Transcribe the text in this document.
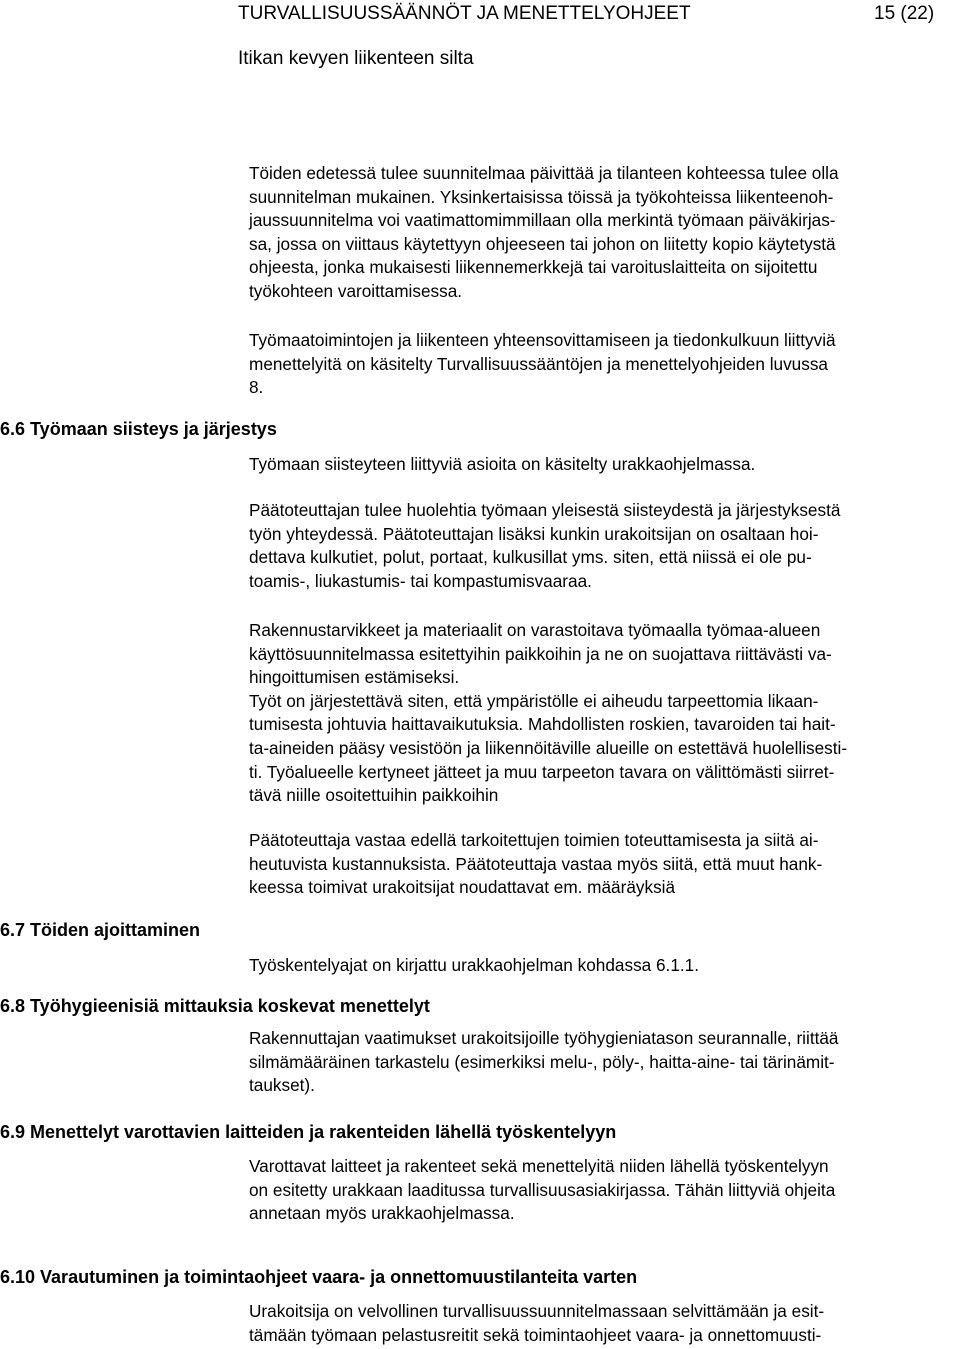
TURVALLISUUSSÄÄNNÖT JA MENETTELYOHJEET	15 (22)
Itikan kevyen liikenteen silta
Töiden edetessä tulee suunnitelmaa päivittää ja tilanteen kohteessa tulee olla
suunnitelman mukainen. Yksinkertaisissa töissä ja työkohteissa liikenteenoh-
jaussuunnitelma voi vaatimattomimmillaan olla merkintä työmaan päiväkirjas-
sa, jossa on viittaus käytettyyn ohjeeseen tai johon on liitetty kopio käytetystä
ohjeesta, jonka mukaisesti liikennemerkkejä tai varoituslaitteita on sijoitettu
työkohteen varoittamisessa.
Työmaatoimintojen ja liikenteen yhteensovittamiseen ja tiedonkulkuun liittyviä
menettelyitä on käsitelty Turvallisuussääntöjen ja menettelyohjeiden luvussa
8.
6.6 Työmaan siisteys ja järjestys
Työmaan siisteyteen liittyviä asioita on käsitelty urakkaohjelmassa.
Päätoteuttajan tulee huolehtia työmaan yleisestä siisteydestä ja järjestyksestä
työn yhteydessä. Päätoteuttajan lisäksi kunkin urakoitsijan on osaltaan hoi-
dettava kulkutiet, polut, portaat, kulkusillat yms. siten, että niissä ei ole pu-
toamis-, liukastumis- tai kompastumisvaaraa.
Rakennustarvikkeet ja materiaalit on varastoitava työmaalla työmaa-alueen
käyttösuunnitelmassa esitettyihin paikkoihin ja ne on suojattava riittävästi va-
hingoittumisen estämiseksi.
Työt on järjestettävä siten, että ympäristölle ei aiheudu tarpeettomia likaan-
tumisesta johtuvia haittavaikutuksia. Mahdollisten roskien, tavaroiden tai hait-
ta-aineiden pääsy vesistöön ja liikennöitäville alueille on estettävä huolellisesti-
ti. Työalueelle kertyneet jätteet ja muu tarpeeton tavara on välittömästi siirret-
tävä niille osoitettuihin paikkoihin
Päätoteuttaja vastaa edellä tarkoitettujen toimien toteuttamisesta ja siitä ai-
heutuvista kustannuksista. Päätoteuttaja vastaa myös siitä, että muut hank-
keessa toimivat urakoitsijat noudattavat em. määräyksiä
6.7 Töiden ajoittaminen
Työskentelyajat on kirjattu urakkaohjelman kohdassa 6.1.1.
6.8 Työhygieenisiä mittauksia koskevat menettelyt
Rakennuttajan vaatimukset urakoitsijoille työhygieniatason seurannalle, riittää
silmämääräinen tarkastelu (esimerkiksi melu-, pöly-, haitta-aine- tai tärinämit-
taukset).
6.9 Menettelyt varottavien laitteiden ja rakenteiden lähellä työskentelyyn
Varottavat laitteet ja rakenteet sekä menettelyitä niiden lähellä työskentelyyn
on esitetty urakkaan laaditussa turvallisuusasiakirjassa. Tähän liittyviä ohjeita
annetaan myös urakkaohjelmassa.
6.10 Varautuminen ja toimintaohjeet vaara- ja onnettomuustilanteita varten
Urakoitsija on velvollinen turvallisuussuunnitelmassaan selvittämään ja esit-
tämään työmaan pelastusreitit sekä toimintaohjeet vaara- ja onnettomuusti-
